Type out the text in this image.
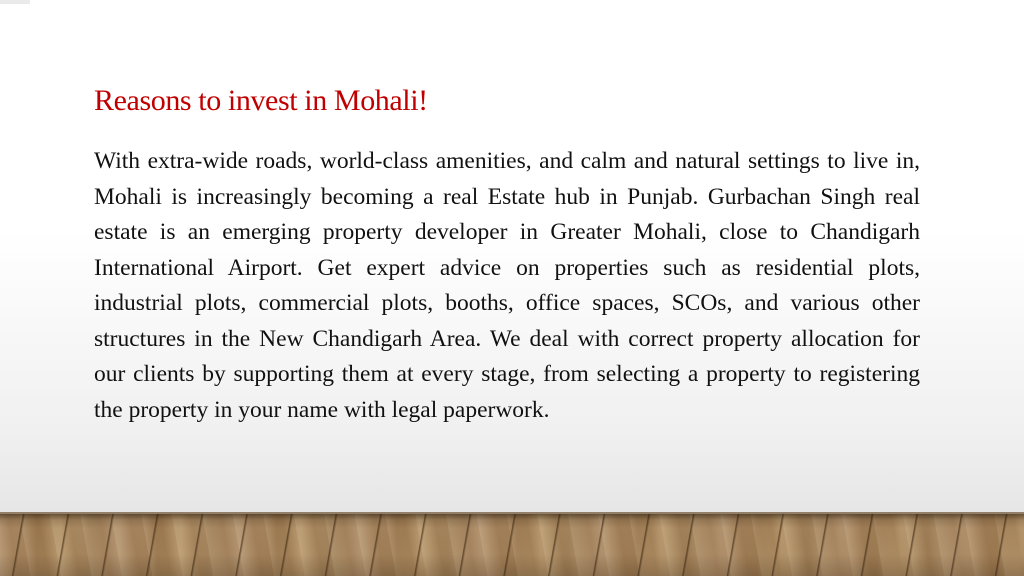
Reasons to invest in Mohali!

With extra-wide roads, world-class amenities, and calm and natural settings to live in, Mohali is increasingly becoming a real Estate hub in Punjab. Gurbachan Singh real estate is an emerging property developer in Greater Mohali, close to Chandigarh International Airport. Get expert advice on properties such as residential plots, industrial plots, commercial plots, booths, office spaces, SCOs, and various other structures in the New Chandigarh Area. We deal with correct property allocation for our clients by supporting them at every stage, from selecting a property to registering the property in your name with legal paperwork.
